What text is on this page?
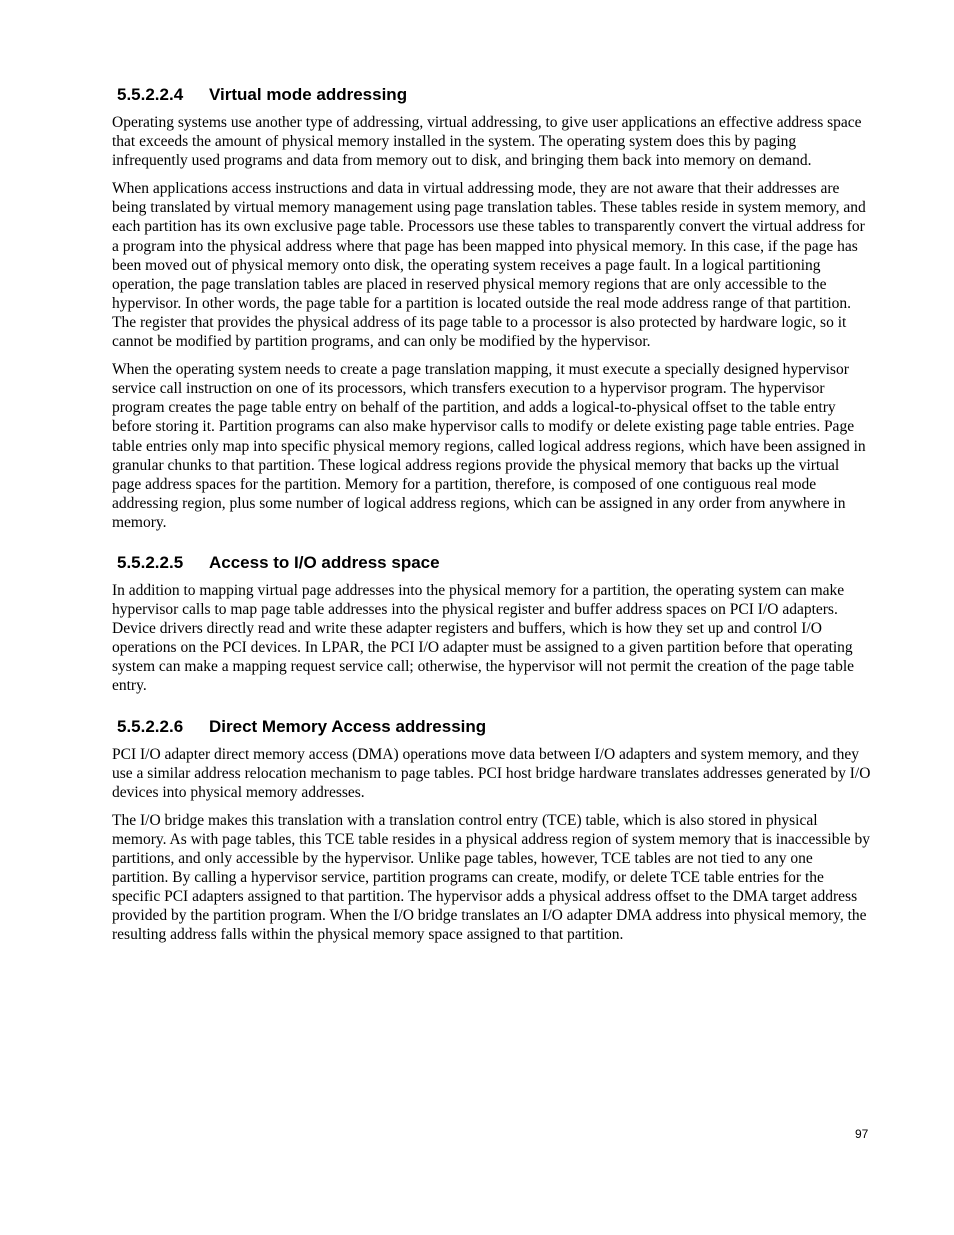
5.5.2.2.4 Virtual mode addressing

Operating systems use another type of addressing, virtual addressing, to give user applications an effective address space that exceeds the amount of physical memory installed in the system. The operating system does this by paging infrequently used programs and data from memory out to disk, and bringing them back into memory on demand.

When applications access instructions and data in virtual addressing mode, they are not aware that their addresses are being translated by virtual memory management using page translation tables. These tables reside in system memory, and each partition has its own exclusive page table. Processors use these tables to transparently convert the virtual address for a program into the physical address where that page has been mapped into physical memory. In this case, if the page has been moved out of physical memory onto disk, the operating system receives a page fault. In a logical partitioning operation, the page translation tables are placed in reserved physical memory regions that are only accessible to the hypervisor. In other words, the page table for a partition is located outside the real mode address range of that partition. The register that provides the physical address of its page table to a processor is also protected by hardware logic, so it cannot be modified by partition programs, and can only be modified by the hypervisor.

When the operating system needs to create a page translation mapping, it must execute a specially designed hypervisor service call instruction on one of its processors, which transfers execution to a hypervisor program. The hypervisor program creates the page table entry on behalf of the partition, and adds a logical-to-physical offset to the table entry before storing it. Partition programs can also make hypervisor calls to modify or delete existing page table entries. Page table entries only map into specific physical memory regions, called logical address regions, which have been assigned in granular chunks to that partition. These logical address regions provide the physical memory that backs up the virtual page address spaces for the partition. Memory for a partition, therefore, is composed of one contiguous real mode addressing region, plus some number of logical address regions, which can be assigned in any order from anywhere in memory.

5.5.2.2.5 Access to I/O address space

In addition to mapping virtual page addresses into the physical memory for a partition, the operating system can make hypervisor calls to map page table addresses into the physical register and buffer address spaces on PCI I/O adapters. Device drivers directly read and write these adapter registers and buffers, which is how they set up and control I/O operations on the PCI devices. In LPAR, the PCI I/O adapter must be assigned to a given partition before that operating system can make a mapping request service call; otherwise, the hypervisor will not permit the creation of the page table entry.

5.5.2.2.6 Direct Memory Access addressing

PCI I/O adapter direct memory access (DMA) operations move data between I/O adapters and system memory, and they use a similar address relocation mechanism to page tables. PCI host bridge hardware translates addresses generated by I/O devices into physical memory addresses.

The I/O bridge makes this translation with a translation control entry (TCE) table, which is also stored in physical memory. As with page tables, this TCE table resides in a physical address region of system memory that is inaccessible by partitions, and only accessible by the hypervisor. Unlike page tables, however, TCE tables are not tied to any one partition. By calling a hypervisor service, partition programs can create, modify, or delete TCE table entries for the specific PCI adapters assigned to that partition. The hypervisor adds a physical address offset to the DMA target address provided by the partition program. When the I/O bridge translates an I/O adapter DMA address into physical memory, the resulting address falls within the physical memory space assigned to that partition.

97
